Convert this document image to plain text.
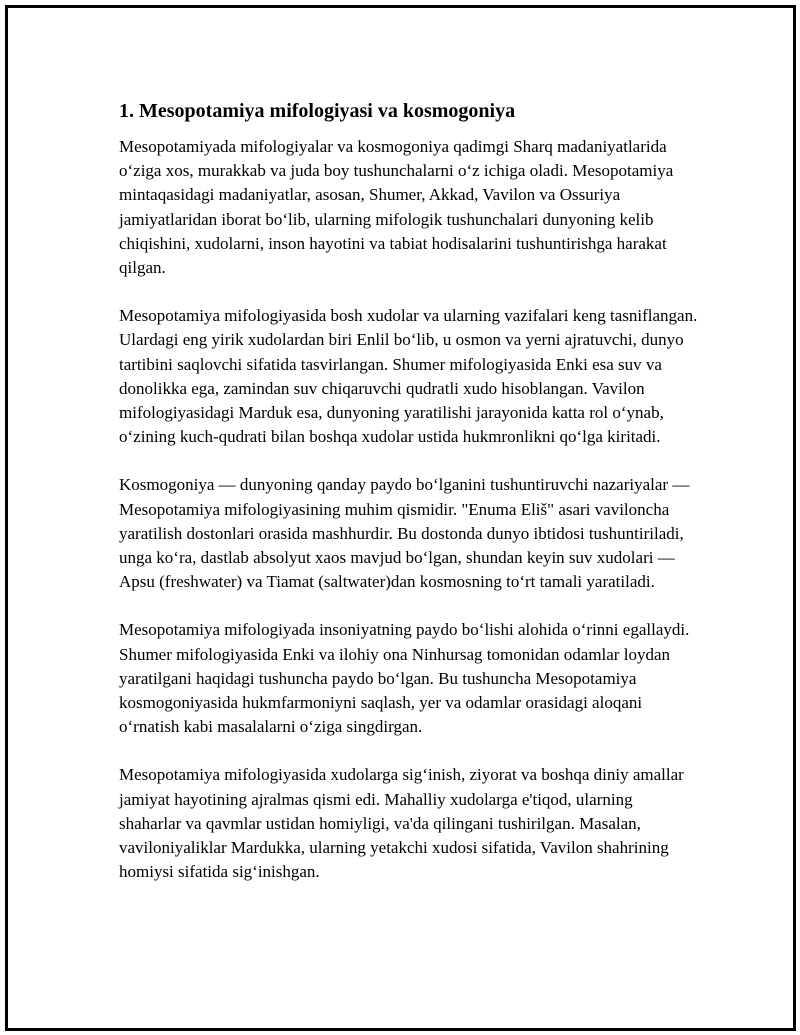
1. Mesopotamiya mifologiyasi va kosmogoniya

Mesopotamiyada mifologiyalar va kosmogoniya qadimgi Sharq madaniyatlarida o‘ziga xos, murakkab va juda boy tushunchalarni o‘z ichiga oladi. Mesopotamiya mintaqasidagi madaniyatlar, asosan, Shumer, Akkad, Vavilon va Ossuriya jamiyatlaridan iborat bo‘lib, ularning mifologik tushunchalari dunyoning kelib chiqishini, xudolarni, inson hayotini va tabiat hodisalarini tushuntirishga harakat qilgan.

Mesopotamiya mifologiyasida bosh xudolar va ularning vazifalari keng tasniflangan. Ulardagi eng yirik xudolardan biri Enlil bo‘lib, u osmon va yerni ajratuvchi, dunyo tartibini saqlovchi sifatida tasvirlangan. Shumer mifologiyasida Enki esa suv va donolikka ega, zamindan suv chiqaruvchi qudratli xudo hisoblangan. Vavilon mifologiyasidagi Marduk esa, dunyoning yaratilishi jarayonida katta rol o‘ynab, o‘zining kuch-qudrati bilan boshqa xudolar ustida hukmronlikni qo‘lga kiritadi.

Kosmogoniya — dunyoning qanday paydo bo‘lganini tushuntiruvchi nazariyalar — Mesopotamiya mifologiyasining muhim qismidir. "Enuma Eliš" asari vaviloncha yaratilish dostonlari orasida mashhurdir. Bu dostonda dunyo ibtidosi tushuntiriladi, unga ko‘ra, dastlab absolyut xaos mavjud bo‘lgan, shundan keyin suv xudolari — Apsu (freshwater) va Tiamat (saltwater)dan kosmosning to‘rt tamali yaratiladi.

Mesopotamiya mifologiyada insoniyatning paydo bo‘lishi alohida o‘rinni egallaydi. Shumer mifologiyasida Enki va ilohiy ona Ninhursag tomonidan odamlar loydan yaratilgani haqidagi tushuncha paydo bo‘lgan. Bu tushuncha Mesopotamiya kosmogoniyasida hukmfarmoniyni saqlash, yer va odamlar orasidagi aloqani o‘rnatish kabi masalalarni o‘ziga singdirgan.

Mesopotamiya mifologiyasida xudolarga sig‘inish, ziyorat va boshqa diniy amallar jamiyat hayotining ajralmas qismi edi. Mahalliy xudolarga e'tiqod, ularning shaharlar va qavmlar ustidan homiyligi, va'da qilingani tushirilgan. Masalan, vaviloniyaliklar Mardukka, ularning yetakchi xudosi sifatida, Vavilon shahrining homiysi sifatida sig‘inishgan.
